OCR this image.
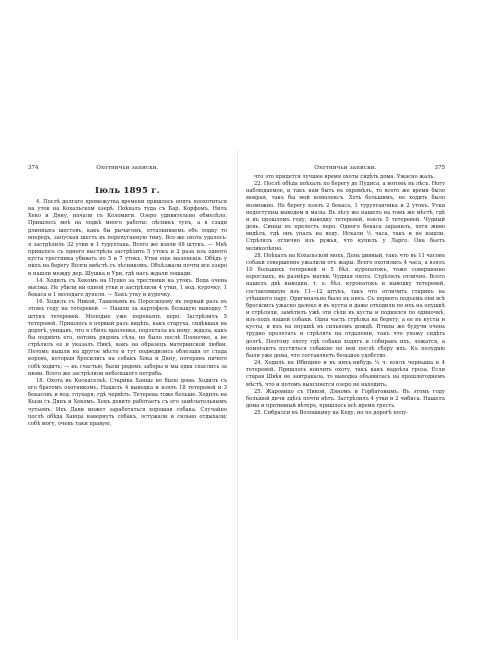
374	Охотничьи записки.
Iюль 1895 г.

4. Послѣ долгаго промежутка времени пришлось опять поохотиться на уток на Кохальском озерѣ. Поѣхалъ туда съ Бар. Корфомъ, Нилъ Хеко и Дяну, начали съ Коломиги. Озеро удивительно обмелѣло. Пришлось меѣ на лодкѣ много работы: лѣсникъ тупъ, а в сзади длинныхъ шестовъ, какъ бы рычагомъ, отталкиваемъ объ лодку то впередъ, запуская шесть въ перепуганную тину. Все-же охота удалось: я застрѣлилъ 32 утки и 1 турухтана. Всего же взяли 48 штукъ. — Мнѣ пришлось съ одного выстрѣла застрѣлить 5 утокъ и 2 раза изъ одного куста трестника убивать по 5 и 7 утокъ. Утки еще маленькія. Обѣдъ у нихъ на берегу Волги вмѣстѣ съ лѣсникомъ. Объѣзжали почти все озеро и нашли между дер. Шушка и Ури, гдѣ насъ ждали лошади.

14. Ходилъ съ Хекомъ на Пуцко за трестники на утокъ. Вода очень высока. Не убили ни одной утки и застрѣлили 4 утки, 1 вод. курочку, 1 бекаса и 1 молодаго дупеля. — Хекъ утку и курочку.

16. Ходилъ съ Никой, Ташевымъ въ Поросящему въ первый разъ въ этомъ году на тетеревей. — Нашли за картофель большую выводку 7 штукъ тетеревей. Молодые уже перенаять перо. Застрѣлилъ 5 тетеревей. Пришлось в первый разъ видѣть, какъ старуха, сидѣвшая на дорогѣ, увидавъ, что я сбилъ цыпленка, подлетала къ нему, ждала, какъ бы подмять его, потомъ рядомъ сѣла, но было послѣ Плонечко, а не стрѣлялъ ее и указалъ Никѣ, какъ на образецъ материнской любви. Потомъ вышли на другое мѣсто и тут подведились облезшія от стада коровъ, которыя бросились на собакъ Хека и Дяну, потерявъ ничего собѣ ходить; — къ счастью, были рядомъ заборы и мы едва спаслись за ними. Всего же застрѣлили небольшого петряба.

18. Охота въ Коскасельѣ. Старика Ханцы не было дома. Ходилъ съ его братомъ охотникомъ. Нашелъ 4 выводка и взялъ 18 тетеревей и 3 бекасовъ и вод. глухаря, гдѣ червѣтъ. Тетерева тоже больше. Ходилъ на Кызи съ Дянъ и Хекомъ. Хекъ девито работаетъ съ его замѣчательнымъ чутьемъ. Ихъ Дави может заработаться хорошая собака. Случайно послѣ обѣда Ханцы навернуть собакъ, остужали и сильно отдыхали; собѣ могу, очень таки правую,

Охотничьи записки.	375

что это придется лучшее время охоты сидѣть дома. Ужасно жаль.

22. Послѣ обѣда поѣхалъ по берегу до Пудиса, а вотомъ въ лѣсъ. Ногу наблюдаемое, и такъ нам быть въ охромѣлъ, то всего же время было мокрая, такъ бы мой комплексъ. Хоть большимъ, не ходить было возможно. Не берегу взялъ 2 бекаса, 1 турухтанчика и 2 утокъ. Утки недоступны выводом и малы. Въ лѣсу же нашелъ на томъ же мѣстѣ, гдѣ и въ прошломъ году, выводку тетеревей, взялъ 5 тетеревей. Чудный день. Синцы въ прелесть перо. Одного бекаса заранилъ, хотя живо видѣлъ, гдѣ онъ упалъ на воду. Искали ½ часа, такъ и не нашли. Стрѣлялъ отлично изъ ружья, что купилъ у Ларсо. Она бьетъ великолѣпно.

28. Поѣхалъ на Кохальской мохъ. День дивный, такъ что въ 11 часовъ собаки совершенно ужалили отъ жары. Всего охотились 4 часа, а взялъ 10 большихъ тетеревей и 5 бѣл. куропатокъ, тоже совершенно взрослыхъ, въ размѣръ матки. Чудная охота. Стрѣлялъ отлично. Всего нашелъ двѣ выводки, т. е. бѣл. куропатокъ и выводку тетеревей, составлявшую изъ 11—12 штукъ, такъ что отличить старикъ на утѣшного пару. Оригинально было въ нихъ. Съ первого подъема они всѣ бросились ужасно далеко и въ кусты и даже отходили по ихъ на опушкѣ и стрѣляли, замѣтилъ ужѣ эти сѣли въ кусты и поднялся по одиночкѣ, изъ-подъ нашей собаки. Одна часть стрѣлка на берегу, а ее въ кусты и кусты, и ихъ на опушкѣ въ сильномъ дождѣ. Птицы же будучи очень трудно пролетать и стрѣлять на отдаленіи, такъ что ухожу сидѣть долгѣ. Поэтому охоту гдѣ собаки ходятъ и собиравъ ихъ, ложатся, а помогаютъ пуститься собакою по ней послѣ сбору ихъ. Къ полудню были уже дома, что составляетъ большое удобство.

24. Ходилъ на Ибицино и въ нихъ-нибудь ¼ ч. взялъ черныша и 4 тетеревей. Пришлось кончить охоту, такъ какъ надоѣла гроза. Если старая Швѣя не завтракала, то выводка объявилась на прошлогоднемъ мѣстѣ, что и потомъ выясняется озеро не находить.

25. Жаровицо съ Никой, Дяномъ и Горбатовымъ. Въ этомъ году большой дичи здѣсь почти нѣтъ. Застрѣлилъ 4 утки и 2 чибиса. Нашелъ дома и противный вѣтеръ, пришлось всѣ время гресть.

25. Сибралси въ Волошкину на Кеду, но по дорогѣ полу-
